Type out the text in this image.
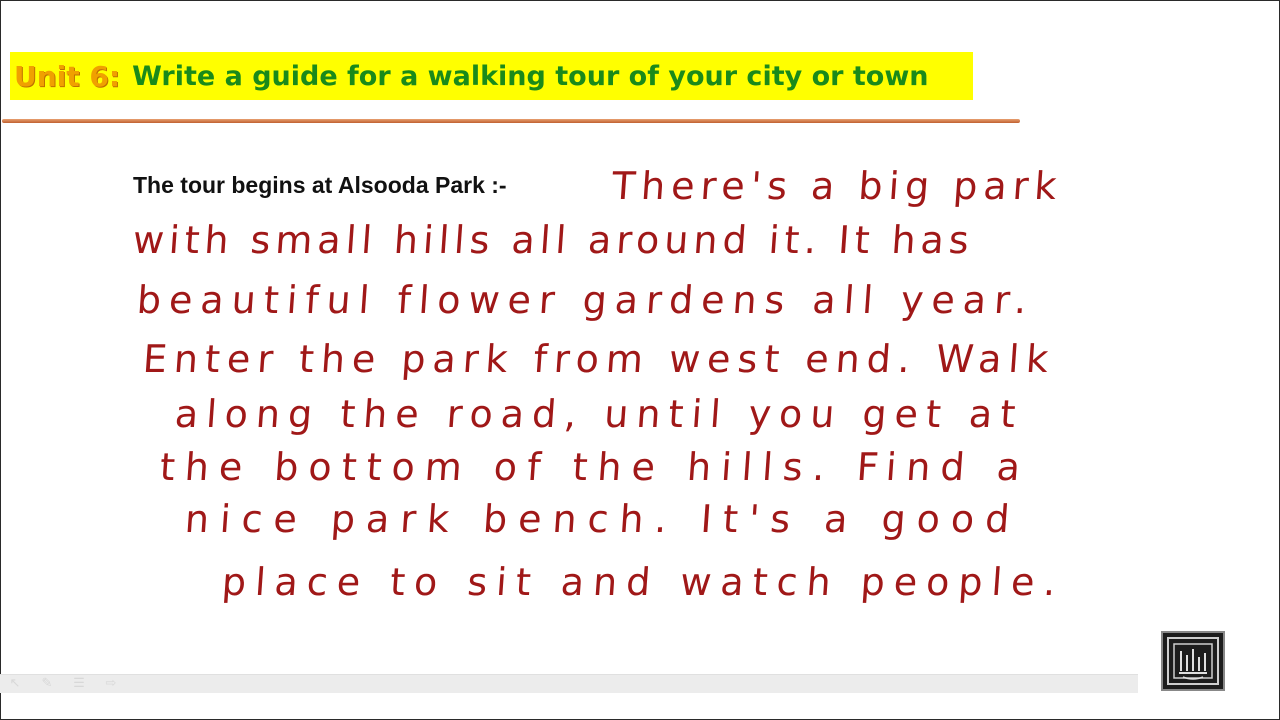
Unit 6: Write a guide for a walking tour of your city or town
The tour begins at Alsooda Park :-	There's a big park
with small hills all around it. It has
beautiful flower gardens all year.
Enter the park from west end. Walk
along the road, until you get at
the bottom of the hills. Find a
nice park bench. It's a good
place to sit and watch people.
↖ ✎ ☰ ⇨
